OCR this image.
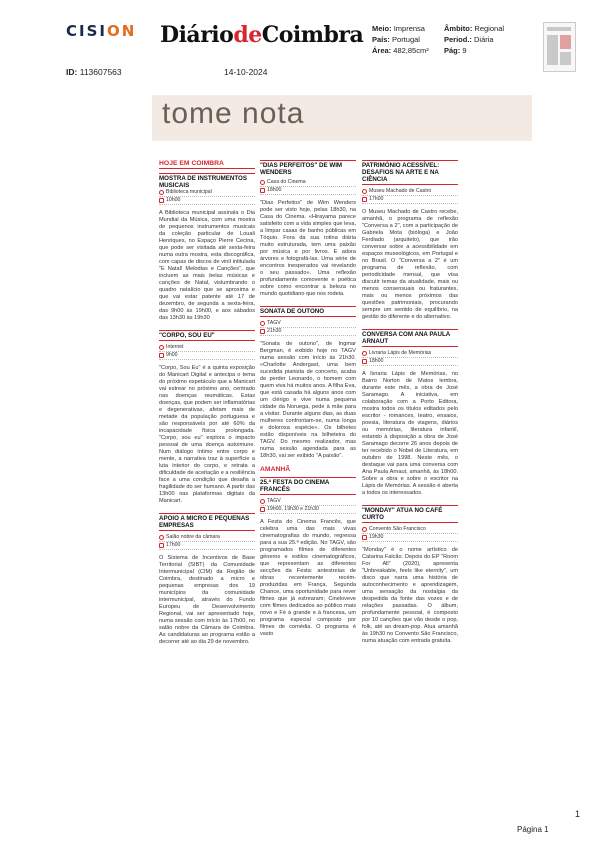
CISION DiáriodeCoimbra Meio: Imprensa
País: Portugal
Área: 482,85cm²
Âmbito: Regional
Period.: Diária
Pág: 9
ID: 113607563	14-10-2024
tome nota
HOJE EM COIMBRA
MOSTRA DE INSTRUMENTOS MUSICAIS
Biblioteca municipal
10h00
A Biblioteca municipal assinala o Dia Mundial da Música, com uma mostra de pequenos instrumentos musicais da coleção particular de Louali Henriques, no Espaço Pierre Cecina, que pode ser visitada até sexta-feira numa outra mostra, esta discográfica, com capas de discos de vinil intitulada "E Natal! Melodias e Canções", que incluem as mais belas músicas e canções de Natal, vislumbrando o quadro natalício que se aproxima e que vai estar patente até 17 de dezembro, de segunda a sexta-feira, das 9h00 às 19h00, e aos sábados das 13h30 às 19h30
"CORPO, SOU EU"
Internet
9h00
"Corpo, Sou Eu" é a quinta exposição do Manicart Digital e antecipa o tema do próximo espetáculo que a Manicart vai estrear no próximo ano, centrado nas doenças reumáticas. Estas doenças, que podem ser inflamatórias e degenerativas, afetam mais de metade da população portuguesa e são responsáveis por até 60% da incapacidade física prolongada. "Corpo, sou eu" explora o impacto pessoal de uma doença autoimune. Num diálogo íntimo entre corpo e mente, a narrativa traz à superfície a luta interior do corpo, e retrata a dificuldade de aceitação e a resiliência face a uma condição que desafia a fragilidade do ser humano. A partir das 13h00 nas plataformas digitais da Manicart.
APOIO A MICRO E PEQUENAS EMPRESAS
Salão nobre da câmara
17h00
O Sistema de Incentivos de Base Territorial (SIBT) da Comunidade Intermunicipal (CIM) da Região de Coimbra, destinado a micro e pequenas empresas dos 19 municípios da comunidade intermunicipal, através do Fundo Europeu de Desenvolvimento Regional, vai ser apresentado hoje, numa sessão com início às 17h00, no salão nobre da Câmara de Coimbra. As candidaturas ao programa estão a decorrer até ao dia 29 de novembro.
"DIAS PERFEITOS" DE WIM WENDERS
Casa do Cinema
18h00
"Dias Perfeitos" de Wim Wenders pode ser visto hoje, pelas 18h30, na Casa do Cinema. «Hirayama parece satisfeito com a vida simples que leva, a limpar casas de banho públicas em Tóquio. Fora da sua rotina diária muito estruturada, tem uma paixão por música e por livros. E adora árvores e fotografá-las. Uma série de encontros inesperados vai revelando o seu passado». Uma reflexão profundamente comovente e poética sobre como encontrar a beleza no mundo quotidiano que nos rodeia.
SONATA DE OUTONO
TAGV
21h30
"Sonata de outono", de Ingmar Bergman, é exibido hoje no TAGV numa sessão com início às 21h30. «Charlotte Andergast, uma bem sucedida pianista de concerto, acaba de perder Leonardo, o homem com quem viva há muitos anos. A filha Eva, que está casada há alguns anos com um clérigo e vive numa pequena cidade da Noruega, pede à mãe para a visitar. Durante alguns dias, as duas mulheres confrontam-se, numa longa e dolorosa espécie». Os bilhetes estão disponíveis na bilheteira do TAGV. Do mesmo realizador, mas numa sessão agendada para as 18h30, vai ser exibido "A paixão".
AMANHÃ
25.ª FESTA DO CINEMA FRANCÊS
TAGV
19h00, 19h30 e 21h30
A Festa do Cinema Francês, que celebra uma das mais vivas cinematografias do mundo, regressa para a sua 25.ª edição. No TAGV, são programados filmes de diferentes géneros e estilos cinematográficos, que representam as diferentes secções da Festa: antestreias de obras recentemente recém-produzidas em França, Segunda Chance, uma oportunidade para rever filmes que já estrearam; Cineloveve com filmes dedicados ao público mais novo e Fé à grande e à francesa, um programa especial composto por filmes de comédia. O programa é vasto
PATRIMÓNIO ACESSÍVEL: DESAFIOS NA ARTE E NA CIÊNCIA
Museu Machado de Castro
17h00
O Museu Machado de Castro recebe, amanhã, o programa de reflexão "Conversa a 2", com a participação de Gabriela Mota (bióloga) e João Ferdiado (arquiteto), que irão conversar sobre a acessibilidade em espaços museológicos, em Portugal e no Brasil. O "Conversa a 2" é um programa de reflexão, com periodicidade mensal, que visa discutir temas da atualidade, mais ou menos consensuais ou fraturantes, mais ou menos próximos das questões patrimoniais, procurando sempre um sentido de equilíbrio, na gestão do diferente e do alternativo.
CONVERSA COM ANA PAULA ARNAUT
Livraria Lápis de Memórias
18h00
A livraria Lápis de Memórias, no Bairro Norton de Matos lembra, durante este mês, a obra de José Saramago. A iniciativa, em colaboração com a Porto Editora, mostra todos os títulos editados pelo escritor - romances, teatro, ensaios, poesia, literatura de viagens, diários ou memórias, literatura infantil, estando à disposição a obra de José Saramago decorre 26 anos depois de ter recebido o Nobel de Literatura, em outubro de 1998. Neste mês, o destaque vai para uma conversa com Ana Paula Arnaut, amanhã, às 18h00. Sobre a obra e sobre o escritor na Lápis de Memórias. A sessão é aberta a todos os interessados.
"MONDAY" ATUA NO CAFÉ CURTO
Convento São Francisco
19h30
"Monday" é o nome artístico de Catarina Falcão. Depois do EP "Room For All" (2020), apresenta "Unbreakable, feels like eternity", um disco que narra uma história de autoconhecimento e aprendizagem, uma sensação da nostalgia da despedida da fonte das vozes e de relações passadas. O álbum, profundamente pessoal, é composto por 10 canções que vão desde o pop, folk, até ao dream-pop. Atua amanhã às 19h30 no Convento São Francisco, numa atuação com entrada gratuita.
1
Página 1
